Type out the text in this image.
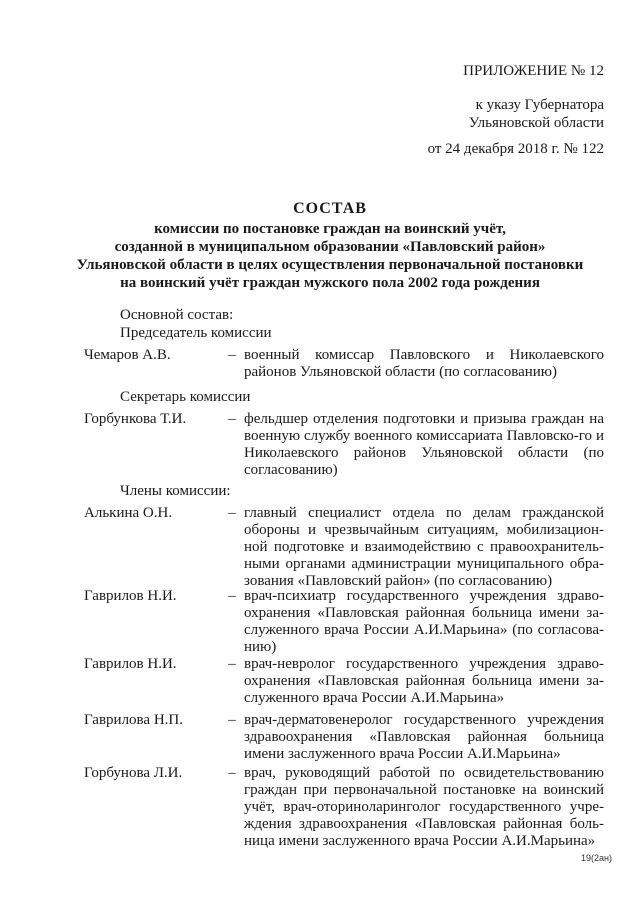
ПРИЛОЖЕНИЕ № 12
к указу Губернатора
Ульяновской области
от 24 декабря 2018 г. № 122
СОСТАВ
комиссии по постановке граждан на воинский учёт,
созданной в муниципальном образовании «Павловский район»
Ульяновской области в целях осуществления первоначальной постановки
на воинский учёт граждан мужского пола 2002 года рождения
Основной состав:
Председатель комиссии
Чемаров А.В.	– военный комиссар Павловского и Николаевского районов Ульяновской области (по согласованию)
Секретарь комиссии
Горбункова Т.И.	– фельдшер отделения подготовки и призыва граждан на военную службу военного комиссариата Павловско-го и Николаевского районов Ульяновской области (по согласованию)
Члены комиссии:
Алькина О.Н.	– главный специалист отдела по делам гражданской обороны и чрезвычайным ситуациям, мобилизацион-ной подготовке и взаимодействию с правоохранитель-ными органами администрации муниципального обра-зования «Павловский район» (по согласованию)
Гаврилов Н.И.	– врач-психиатр государственного учреждения здраво-охранения «Павловская районная больница имени за-служенного врача России А.И.Марьина» (по согласова-нию)
Гаврилов Н.И.	– врач-невролог государственного учреждения здраво-охранения «Павловская районная больница имени за-служенного врача России А.И.Марьина»
Гаврилова Н.П.	– врач-дерматовенеролог государственного учреждения здравоохранения «Павловская районная больница имени заслуженного врача России А.И.Марьина»
Горбунова Л.И.	– врач, руководящий работой по освидетельствованию граждан при первоначальной постановке на воинский учёт, врач-оториноларинголог государственного учре-ждения здравоохранения «Павловская районная боль-ница имени заслуженного врача России А.И.Марьина»
19(2ан)
